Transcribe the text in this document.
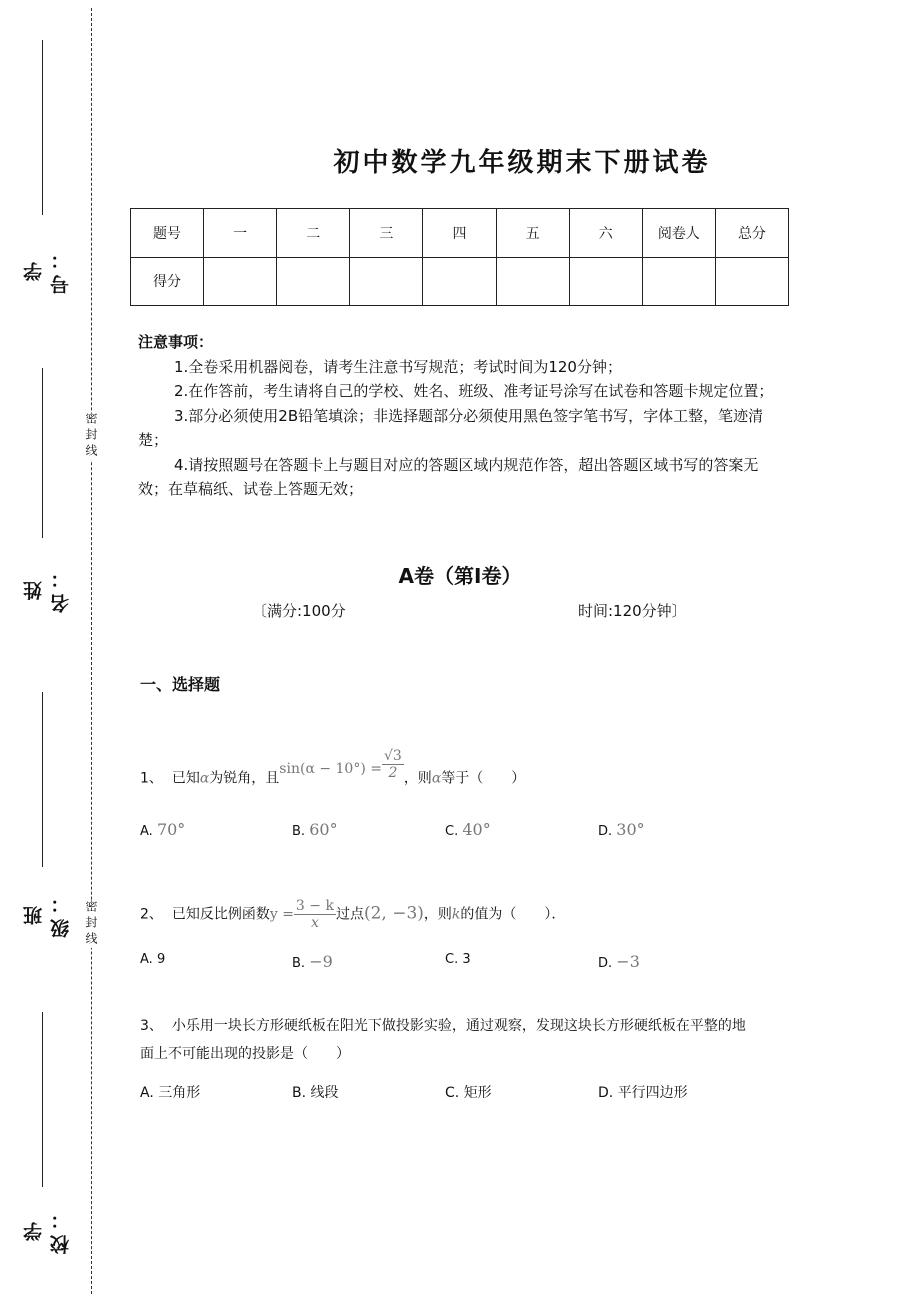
学号：
姓名：
班级：
学校：
密封线
密封线
初中数学九年级期末下册试卷
题号	一	二	三	四	五	六	阅卷人	总分
得分								
注意事项：

1.全卷采用机器阅卷，请考生注意书写规范；考试时间为120分钟；

2.在作答前，考生请将自己的学校、姓名、班级、准考证号涂写在试卷和答题卡规定位置；

3.部分必须使用2B铅笔填涂；非选择题部分必须使用黑色签字笔书写，字体工整，笔迹清楚；

4.请按照题号在答题卡上与题目对应的答题区域内规范作答，超出答题区域书写的答案无效；在草稿纸、试卷上答题无效；

A卷（第I卷）
〔满分:100分	时间:120分钟〕
一、选择题
1、 已知α为锐角，且$\sin(\alpha - 10^\circ) = \frac{√3}{2}$ ，则α等于（　　）
A. 70°	B. 60°	C. 40°	D. 30°
2、 已知反比例函数$y = \frac{3 - k}{x}$ 过点(2, −3)，则k的值为（　　）．
A. 9	B. −9	C. 3	D. −3
3、 小乐用一块长方形硬纸板在阳光下做投影实验，通过观察，发现这块长方形硬纸板在平整的地
面上不可能出现的投影是（　　）
A. 三角形	B. 线段	C. 矩形	D. 平行四边形
